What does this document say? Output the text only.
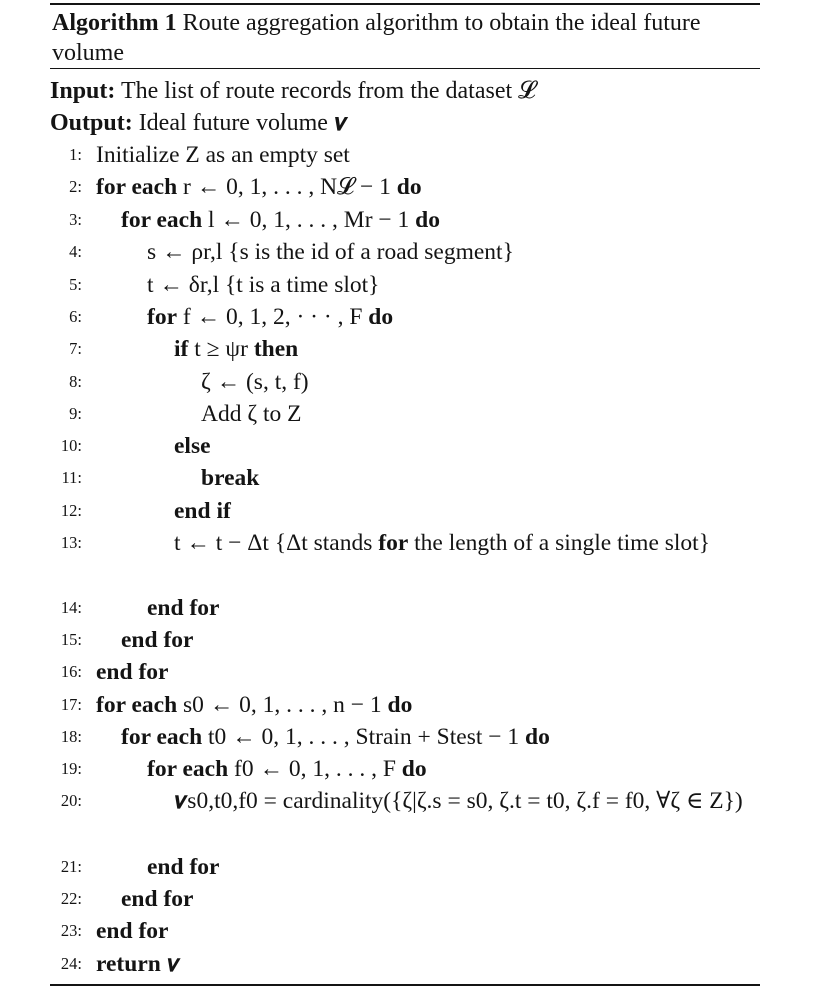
Algorithm 1 Route aggregation algorithm to obtain the ideal future volume
Input: The list of route records from the dataset 𝓛
Output: Ideal future volume 𝝂
1: Initialize Z as an empty set
2: for each r ← 0, 1, . . . , N𝓛 − 1 do
3: for each l ← 0, 1, . . . , Mr − 1 do
4:	s ← ρr,l {s is the id of a road segment}
5:	t ← δr,l {t is a time slot}
6:	for f ← 0, 1, 2, · · · , F do
7:	if t ≥ ψr then
8:	ζ ← (s, t, f)
9:	Add ζ to Z
10:	else
11:	break
12:	end if
13:	t ← t − Δt {Δt stands for the length of a single time slot}
14:	end for
15: end for
16: end for
17: for each s0 ← 0, 1, . . . , n − 1 do
18: for each t0 ← 0, 1, . . . , Strain + Stest − 1 do
19:	for each f0 ← 0, 1, . . . , F do
20:	𝝂s0,t0,f0 = cardinality({ζ|ζ.s = s0, ζ.t = t0, ζ.f = f0, ∀ζ ∈ Z})
21:	end for
22: end for
23: end for
24: return 𝝂
